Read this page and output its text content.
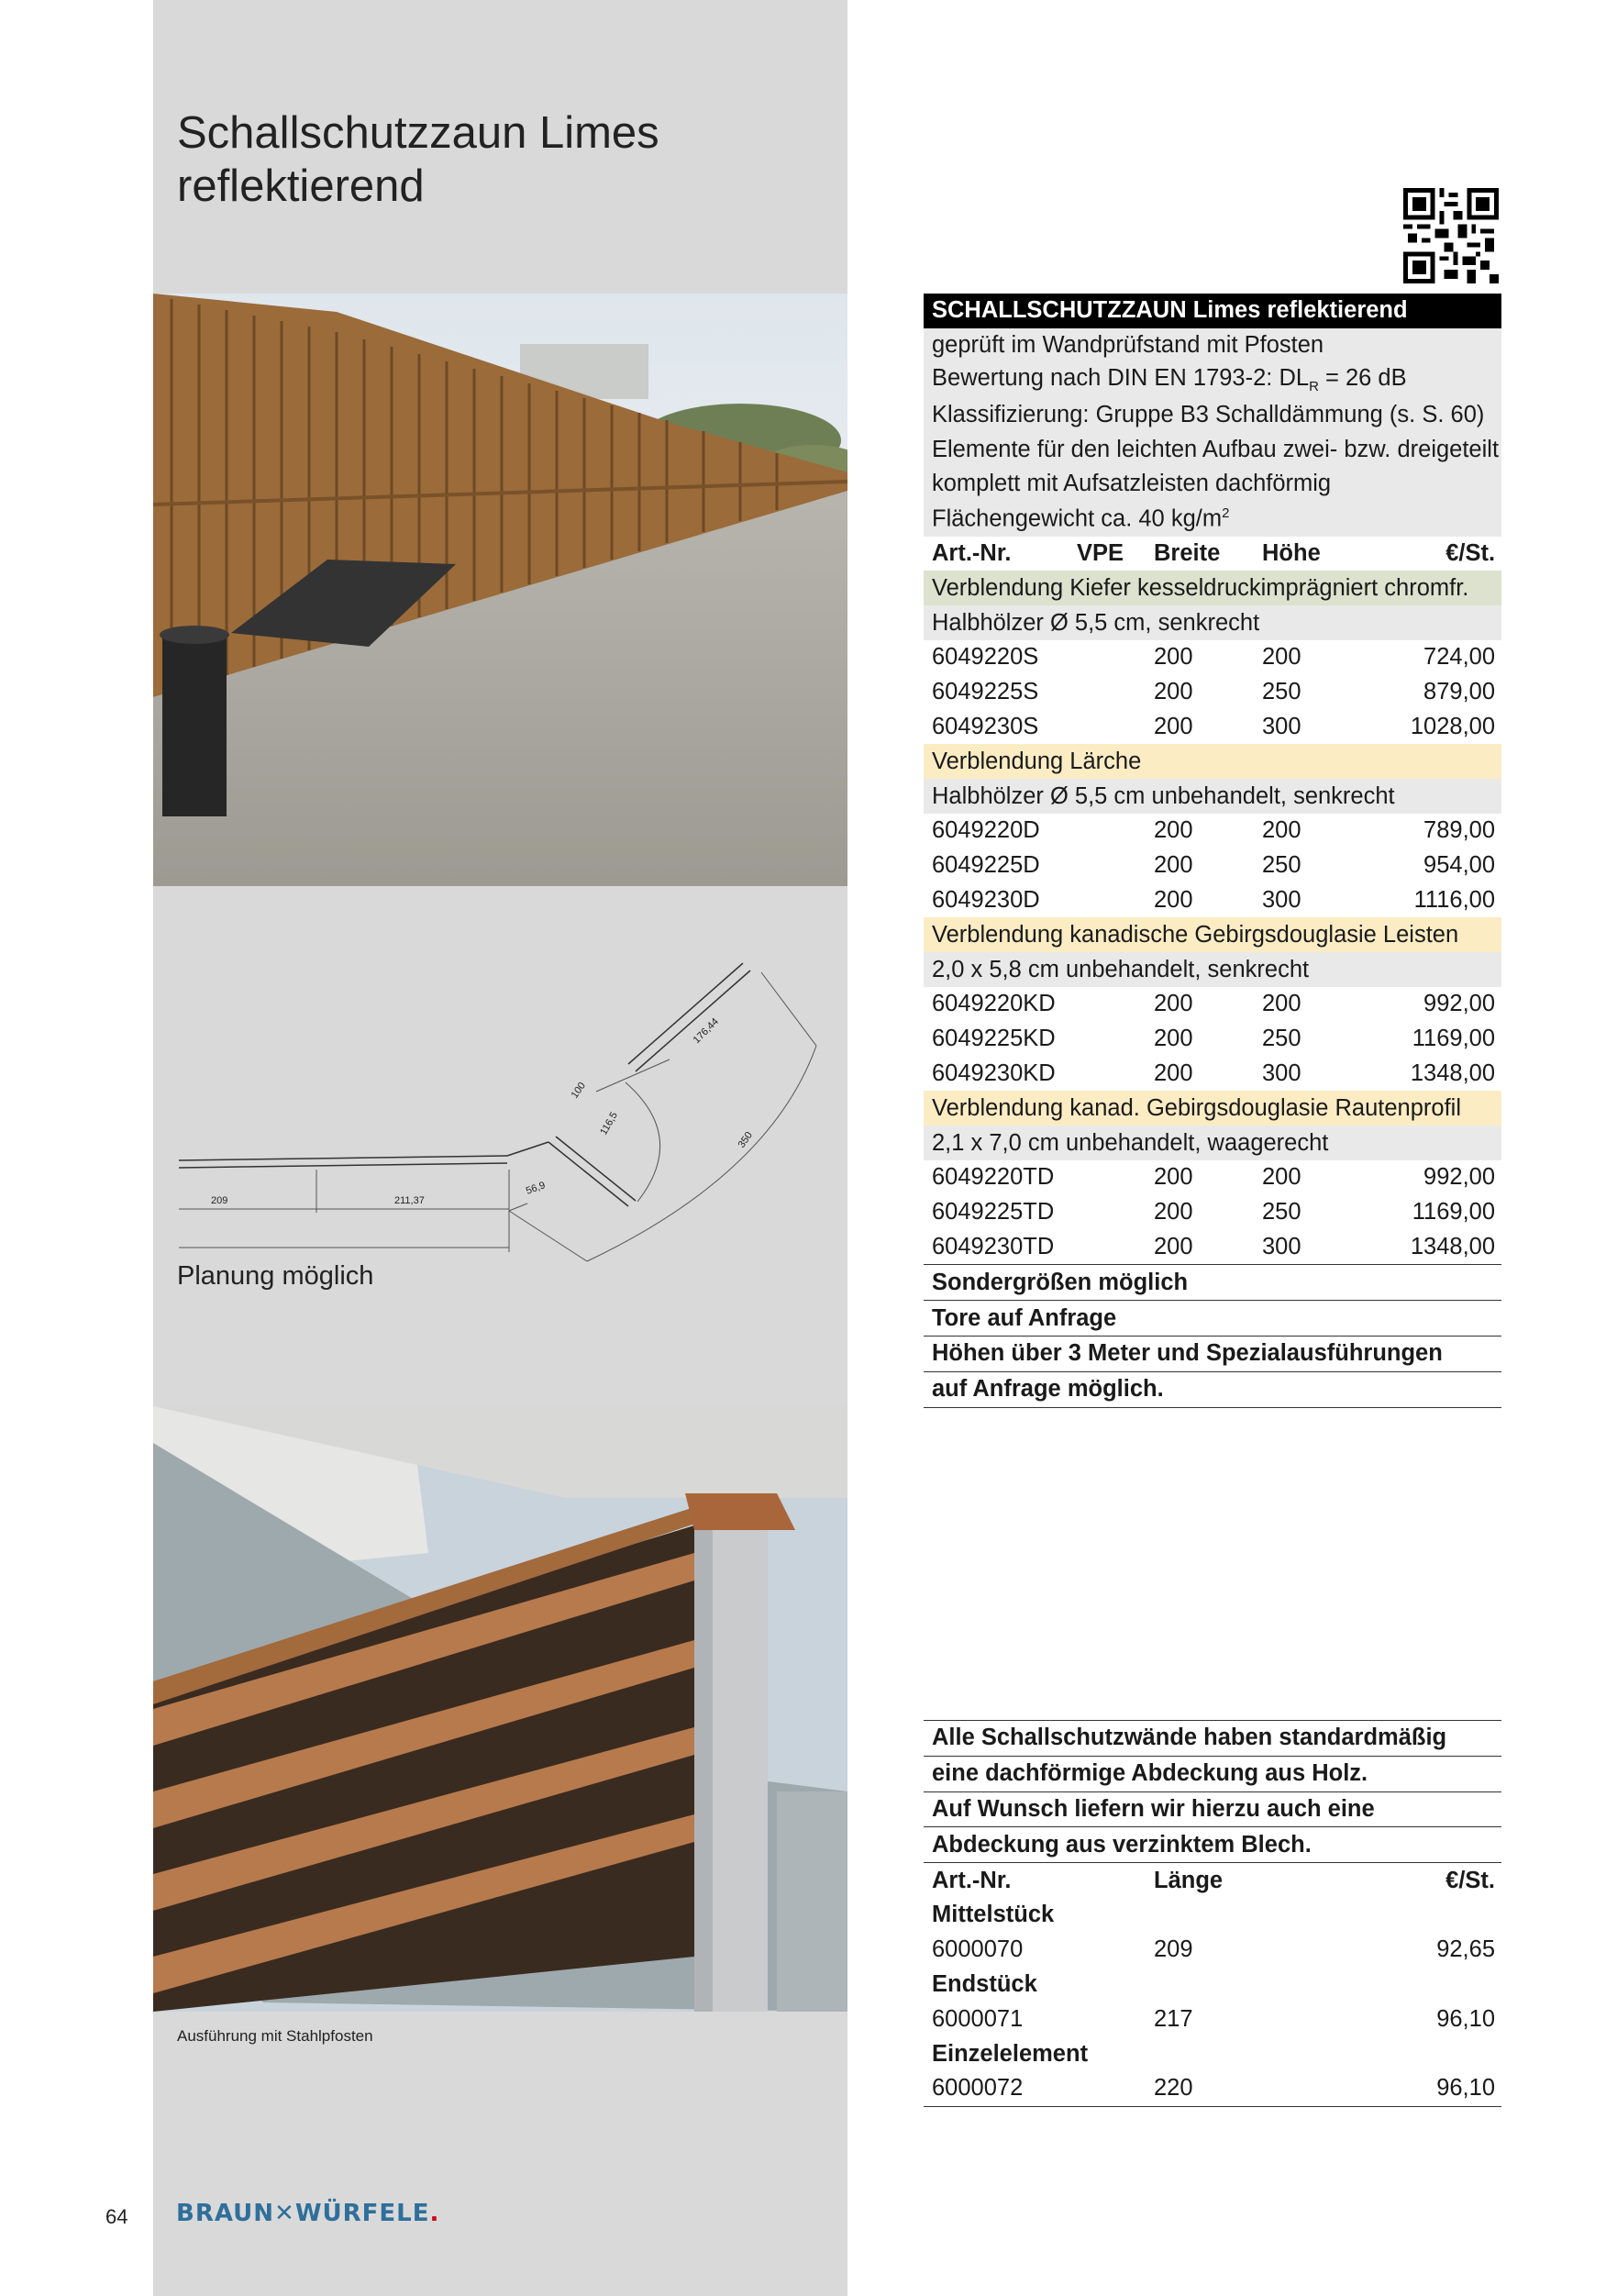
Schallschutzzaun Limes
reflektierend
209	211,37
56,9
100
116,5
176,44
350
Planung möglich
Ausführung mit Stahlpfosten
64 BRAUN✕WÜRFELE.
SCHALLSCHUTZZAUN Limes reflektierend				
geprüft im Wandprüfstand mit Pfosten				
Bewertung nach DIN EN 1793-2: $DL_R = 26$ dB				
Klassifizierung: Gruppe B3 Schalldämmung (s. S. 60)				
Elemente für den leichten Aufbau zwei- bzw. dreigeteilt				
komplett mit Aufsatzleisten dachförmig				
Flächengewicht ca. 40 $kg/m^2$
Art.-Nr.	VPE	Breite	Höhe	€/St.
Verblendung Kiefer kesseldruckimprägniert chromfr.				
Halbhölzer Ø 5,5 cm, senkrecht				
6049220S		200	200	724,00
6049225S		200	250	879,00
6049230S		200	300	1028,00
Verblendung Lärche				
Halbhölzer Ø 5,5 cm unbehandelt, senkrecht				
6049220D		200	200	789,00
6049225D		200	250	954,00
6049230D		200	300	1116,00
Verblendung kanadische Gebirgsdouglasie Leisten				
2,0 x 5,8 cm unbehandelt, senkrecht				
6049220KD		200	200	992,00
6049225KD		200	250	1169,00
6049230KD		200	300	1348,00
Verblendung kanad. Gebirgsdouglasie Rautenprofil				
2,1 x 7,0 cm unbehandelt, waagerecht				
6049220TD		200	200	992,00
6049225TD		200	250	1169,00
6049230TD		200	300	1348,00
Sondergrößen möglich				
Tore auf Anfrage				
Höhen über 3 Meter und Spezialausführungen				
auf Anfrage möglich.				
Alle Schallschutzwände haben standardmäßig		
eine dachförmige Abdeckung aus Holz.		
Auf Wunsch liefern wir hierzu auch eine		
Abdeckung aus verzinktem Blech.		
Art.-Nr.	Länge	€/St.
Mittelstück		
6000070	209	92,65
Endstück		
6000071	217	96,10
Einzelelement		
6000072	220	96,10
